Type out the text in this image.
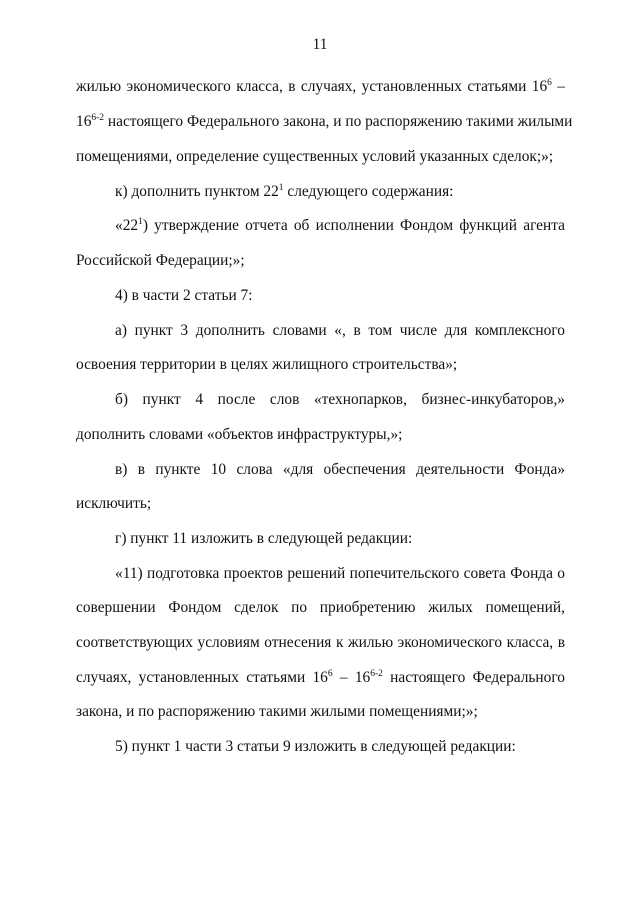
11
жилью экономического класса, в случаях, установленных статьями $16^6$ –
16$^{6-2}$ настоящего Федерального закона, и по распоряжению такими жилыми
помещениями, определение существенных условий указанных сделок;»;
к) дополнить пунктом $22^1$ следующего содержания:
«$22^1$) утверждение отчета об исполнении Фондом функций агента
Российской Федерации;»;
4) в части 2 статьи 7:
а) пункт 3 дополнить словами «, в том числе для комплексного
освоения территории в целях жилищного строительства»;
б) пункт 4 после слов «технопарков, бизнес-инкубаторов,»
дополнить словами «объектов инфраструктуры,»;
в) в пункте 10 слова «для обеспечения деятельности Фонда»
исключить;
г) пункт 11 изложить в следующей редакции:
«11) подготовка проектов решений попечительского совета Фонда о
совершении Фондом сделок по приобретению жилых помещений,
соответствующих условиям отнесения к жилью экономического класса, в
случаях, установленных статьями $16^6 - 16^{6-2}$ настоящего Федерального
закона, и по распоряжению такими жилыми помещениями;»;
5) пункт 1 части 3 статьи 9 изложить в следующей редакции:
